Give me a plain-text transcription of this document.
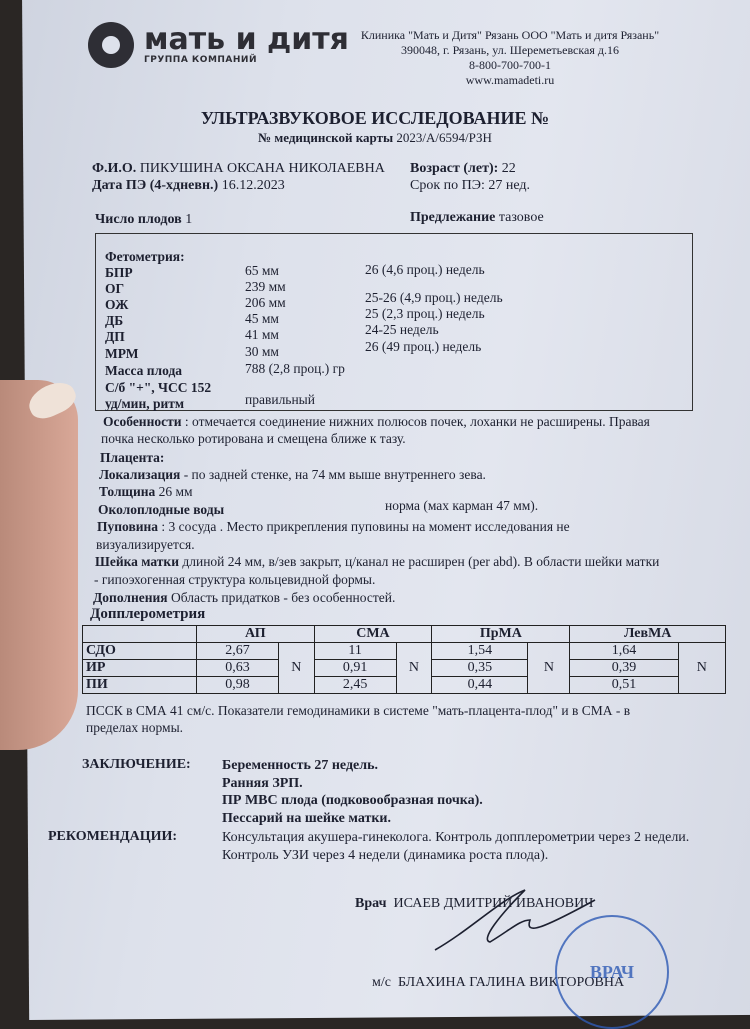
мать и дитя
ГРУППА КОМПАНИЙ
Клиника "Мать и Дитя" Рязань ООО "Мать и дитя Рязань"
390048, г. Рязань, ул. Шереметьевская д.16
8-800-700-700-1
www.mamadeti.ru
УЛЬТРАЗВУКОВОЕ ИССЛЕДОВАНИЕ №
№ медицинской карты 2023/А/6594/РЗН
Ф.И.О. ПИКУШИНА ОКСАНА НИКОЛАЕВНА Возраст (лет): 22
Дата ПЭ (4-хдневн.) 16.12.2023	Срок по ПЭ: 27 нед.
Число плодов 1	Предлежание тазовое
Фетометрия:
БПР	65 мм	26 (4,6 проц.) недель
ОГ	239 мм
ОЖ	206 мм	25-26 (4,9 проц.) недель
ДБ	45 мм	25 (2,3 проц.) недель
ДП	41 мм	24-25 недель
МРМ	30 мм	26 (49 проц.) недель
Масса плода	788 (2,8 проц.) гр
С/б "+", ЧСС 152
уд/мин, ритм	правильный
Особенности : отмечается соединение нижних полюсов почек, лоханки не расширены. Правая
почка несколько ротирована и смещена ближе к тазу.
Плацента:
Локализация - по задней стенке, на 74 мм выше внутреннего зева.
Толщина 26 мм
Околоплодные воды	норма (мах карман 47 мм).
Пуповина : 3 сосуда . Место прикрепления пуповины на момент исследования не
визуализируется.
Шейка матки длиной 24 мм, в/зев закрыт, ц/канал не расширен (per abd). В области шейки матки
- гипоэхогенная структура кольцевидной формы.
Дополнения Область придатков - без особенностей.
Допплерометрия
	АП		СМА		ПрМА		ЛевМА	
СДО	2,67	N	11	N	1,54	N	1,64	N
ИР	0,63		0,91		0,35		0,39	
ПИ	0,98		2,45		0,44		0,51	
ПССК в СМА 41 см/с. Показатели гемодинамики в системе "мать-плацента-плод" и в СМА - в
пределах нормы.
ЗАКЛЮЧЕНИЕ: Беременность 27 недель.
Ранняя ЗРП.
ПР МВС плода (подковообразная почка).
Пессарий на шейке матки.
РЕКОМЕНДАЦИИ:	Консультация акушера-гинеколога. Контроль допплерометрии через 2 недели.
Контроль УЗИ через 4 недели (динамика роста плода).
Врач ИСАЕВ ДМИТРИЙ ИВАНОВИЧ
м/с БЛАХИНА ГАЛИНА ВИКТОРОВНА
ВРАЧ
